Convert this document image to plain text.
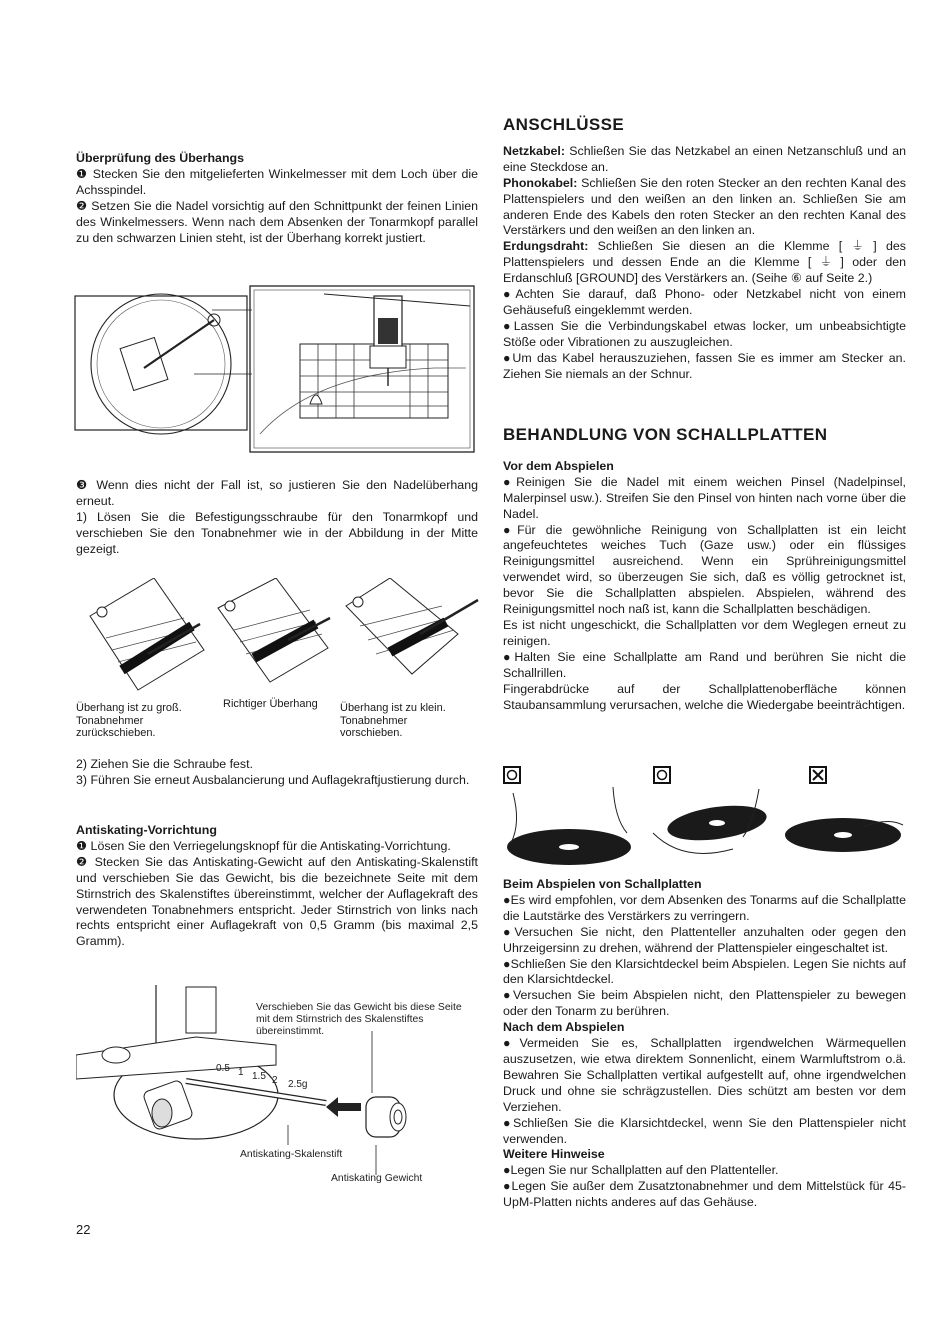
Überprüfung des Überhangs

❶ Stecken Sie den mitgelieferten Winkelmesser mit dem Loch über die Achsspindel.

❷ Setzen Sie die Nadel vorsichtig auf den Schnittpunkt der feinen Linien des Winkelmessers. Wenn nach dem Absenken der Tonarmkopf parallel zu den schwarzen Linien steht, ist der Überhang korrekt justiert.

❸ Wenn dies nicht der Fall ist, so justieren Sie den Nadelüberhang erneut.

1) Lösen Sie die Befestigungsschraube für den Tonarmkopf und verschieben Sie den Tonabnehmer wie in der Abbildung in der Mitte gezeigt.

Überhang ist zu groß. Tonabnehmer zurückschieben.
Richtiger Überhang	Überhang ist zu klein. Tonabnehmer vorschieben.

2) Ziehen Sie die Schraube fest.

3) Führen Sie erneut Ausbalancierung und Auflagekraftjustierung durch.

Antiskating-Vorrichtung

❶ Lösen Sie den Verriegelungsknopf für die Antiskating-Vorrichtung.

❷ Stecken Sie das Antiskating-Gewicht auf den Antiskating-Skalenstift und verschieben Sie das Gewicht, bis die bezeichnete Seite mit dem Stirnstrich des Skalenstiftes übereinstimmt, welcher der Auflagekraft des verwendeten Tonabnehmers entspricht. Jeder Stirnstrich von links nach rechts entspricht einer Auflagekraft von 0,5 Gramm (bis maximal 2,5 Gramm).

0.5 1 1.5 2 2.5g
Verschieben Sie das Gewicht bis diese Seite mit dem Stirnstrich des Skalenstiftes übereinstimmt.
Antiskating-Skalenstift
Antiskating Gewicht
22
ANSCHLÜSSE

Netzkabel: Schließen Sie das Netzkabel an einen Netzanschluß und an eine Steckdose an.

Phonokabel: Schließen Sie den roten Stecker an den rechten Kanal des Plattenspielers und den weißen an den linken an. Schließen Sie am anderen Ende des Kabels den roten Stecker an den rechten Kanal des Verstärkers und den weißen an den linken an.

Erdungsdraht: Schließen Sie diesen an die Klemme [ ⏚ ] des Plattenspielers und dessen Ende an die Klemme [ ⏚ ] oder den Erdanschluß [GROUND] des Verstärkers an. (Seihe ⑥ auf Seite 2.)

●Achten Sie darauf, daß Phono- oder Netzkabel nicht von einem Gehäusefuß eingeklemmt werden.

●Lassen Sie die Verbindungskabel etwas locker, um unbeabsichtigte Stöße oder Vibrationen zu auszugleichen.

●Um das Kabel herauszuziehen, fassen Sie es immer am Stecker an. Ziehen Sie niemals an der Schnur.

BEHANDLUNG VON SCHALLPLATTEN
Vor dem Abspielen

●Reinigen Sie die Nadel mit einem weichen Pinsel (Nadelpinsel, Malerpinsel usw.). Streifen Sie den Pinsel von hinten nach vorne über die Nadel.

●Für die gewöhnliche Reinigung von Schallplatten ist ein leicht angefeuchtetes weiches Tuch (Gaze usw.) oder ein flüssiges Reinigungsmittel ausreichend. Wenn ein Sprühreinigungsmittel verwendet wird, so überzeugen Sie sich, daß es völlig getrocknet ist, bevor Sie die Schallplatten abspielen. Abspielen, während des Reinigungsmittel noch naß ist, kann die Schallplatten beschädigen.

Es ist nicht ungeschickt, die Schallplatten vor dem Weglegen erneut zu reinigen.

●Halten Sie eine Schallplatte am Rand und berühren Sie nicht die Schallrillen.

Fingerabdrücke auf der Schallplattenoberfläche können Staubansammlung verursachen, welche die Wiedergabe beeinträchtigen.

Beim Abspielen von Schallplatten

●Es wird empfohlen, vor dem Absenken des Tonarms auf die Schallplatte die Lautstärke des Verstärkers zu verringern.

●Versuchen Sie nicht, den Plattenteller anzuhalten oder gegen den Uhrzeigersinn zu drehen, während der Plattenspieler eingeschaltet ist.

●Schließen Sie den Klarsichtdeckel beim Abspielen. Legen Sie nichts auf den Klarsichtdeckel.

●Versuchen Sie beim Abspielen nicht, den Plattenspieler zu bewegen oder den Tonarm zu berühren.

Nach dem Abspielen

●Vermeiden Sie es, Schallplatten irgendwelchen Wärmequellen auszusetzen, wie etwa direktem Sonnenlicht, einem Warmluftstrom o.ä. Bewahren Sie Schallplatten vertikal aufgestellt auf, ohne irgendwelchen Druck und ohne sie schrägzustellen. Dies schützt am besten vor dem Verziehen.

●Schließen Sie die Klarsichtdeckel, wenn Sie den Plattenspieler nicht verwenden.

Weitere Hinweise

●Legen Sie nur Schallplatten auf den Plattenteller.

●Legen Sie außer dem Zusatztonabnehmer und dem Mittelstück für 45-UpM-Platten nichts anderes auf das Gehäuse.
